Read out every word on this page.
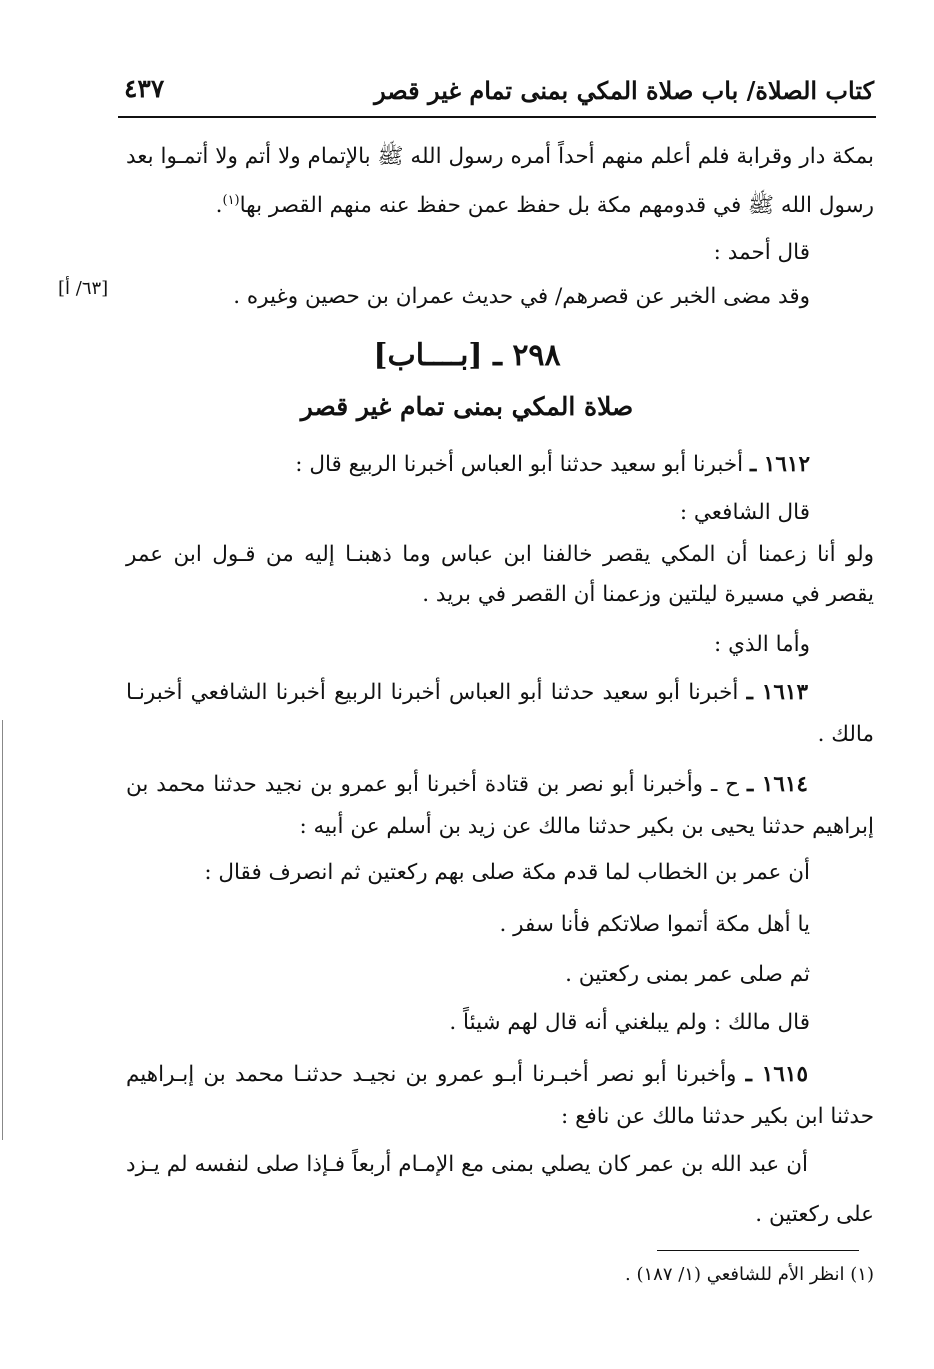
كتاب الصلاة/ باب صلاة المكي بمنى تمام غير قصر
٤٣٧
بمكة دار وقرابة فلم أعلم منهم أحداً أمره رسول الله ﷺ بالإتمام ولا أتم ولا أتمـوا بعد
رسول الله ﷺ في قدومهم مكة بل حفظ عمن حفظ عنه منهم القصر بها$^{(١)}$.
قال أحمد :
وقد مضى الخبر عن قصرهم/ في حديث عمران بن حصين وغيره .
[٦٣/ أ]
٢٩٨ ـ [بــــاب]
صلاة المكي بمنى تمام غير قصر
١٦١٢ ـ أخبرنا أبو سعيد حدثنا أبو العباس أخبرنا الربيع قال :
قال الشافعي :
ولو أنا زعمنا أن المكي يقصر خالفنا ابن عباس وما ذهبنـا إليه من قـول ابن عمر
يقصر في مسيرة ليلتين وزعمنا أن القصر في بريد .
وأما الذي :
١٦١٣ ـ أخبرنا أبو سعيد حدثنا أبو العباس أخبرنا الربيع أخبرنا الشافعي أخبرنـا
مالك .
١٦١٤ ـ ح ـ وأخبرنا أبو نصر بن قتادة أخبرنا أبو عمرو بن نجيد حدثنا محمد بن
إبراهيم حدثنا يحيى بن بكير حدثنا مالك عن زيد بن أسلم عن أبيه :
أن عمر بن الخطاب لما قدم مكة صلى بهم ركعتين ثم انصرف فقال :
يا أهل مكة أتموا صلاتكم فأنا سفر .
ثم صلى عمر بمنى ركعتين .
قال مالك : ولم يبلغني أنه قال لهم شيئاً .
١٦١٥ ـ وأخبرنا أبو نصر أخبـرنا أبـو عمرو بن نجيـد حدثنـا محمد بن إبـراهيم
حدثنا ابن بكير حدثنا مالك عن نافع :
أن عبد الله بن عمر كان يصلي بمنى مع الإمـام أربعاً فـإذا صلى لنفسه لم يـزد
على ركعتين .
(١) انظر الأم للشافعي (١/ ١٨٧) .
